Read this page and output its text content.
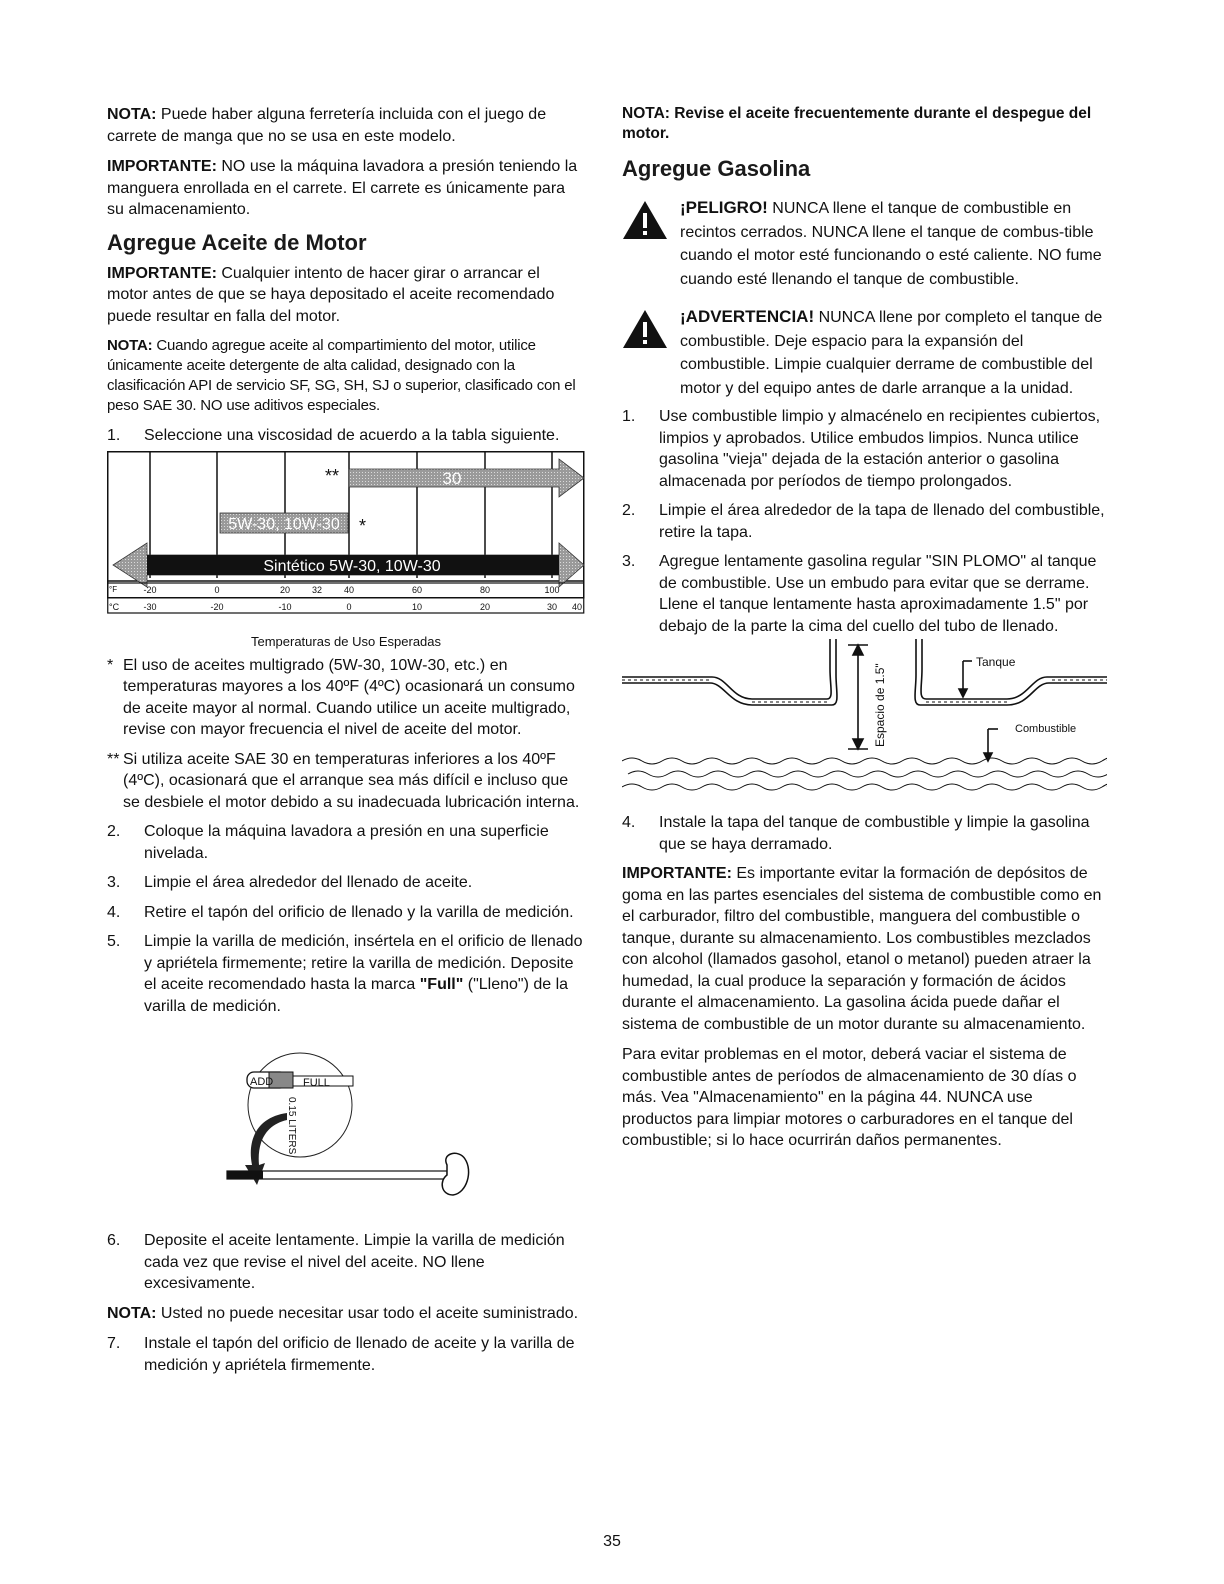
NOTA: Puede haber alguna ferretería incluida con el juego de carrete de manga que no se usa en este modelo.

IMPORTANTE: NO use la máquina lavadora a presión teniendo la manguera enrollada en el carrete. El carrete es únicamente para su almacenamiento.

Agregue Aceite de Motor

IMPORTANTE: Cualquier intento de hacer girar o arrancar el motor antes de que se haya depositado el aceite recomendado puede resultar en falla del motor.

NOTA: Cuando agregue aceite al compartimiento del motor, utilice únicamente aceite detergente de alta calidad, designado con la clasificación API de servicio SF, SG, SH, SJ o superior, clasificado con el peso SAE 30. NO use aditivos especiales.

1. Seleccione una viscosidad de acuerdo a la tabla siguiente.
30
**
5W-30, 10W-30 *
Sintético 5W-30, 10W-30
°F
°C
-20	0	20 32 40	60	80	100
-30	-20	-10	0	10	20	30 40
Temperaturas de Uso Esperadas
* El uso de aceites multigrado (5W-30, 10W-30, etc.) en temperaturas mayores a los 40ºF (4ºC) ocasionará un consumo de aceite mayor al normal. Cuando utilice un aceite multigrado, revise con mayor frecuencia el nivel de aceite del motor.
** Si utiliza aceite SAE 30 en temperaturas inferiores a los 40ºF (4ºC), ocasionará que el arranque sea más difícil e incluso que se desbiele el motor debido a su inadecuada lubricación interna.
2. Coloque la máquina lavadora a presión en una superficie nivelada.
3. Limpie el área alrededor del llenado de aceite.
4. Retire el tapón del orificio de llenado y la varilla de medición.
5. Limpie la varilla de medición, insértela en el orificio de llenado y apriétela firmemente; retire la varilla de medición. Deposite el aceite recomendado hasta la marca "Full" ("Lleno") de la varilla de medición.
ADD	FULL
0.15 LITERS
6. Deposite el aceite lentamente. Limpie la varilla de medición cada vez que revise el nivel del aceite. NO llene excesivamente.

NOTA: Usted no puede necesitar usar todo el aceite suministrado.

7. Instale el tapón del orificio de llenado de aceite y la varilla de medición y apriétela firmemente.

NOTA: Revise el aceite frecuentemente durante el despegue del motor.

Agregue Gasolina
¡PELIGRO! NUNCA llene el tanque de combustible en recintos cerrados. NUNCA llene el tanque de combus-tible cuando el motor esté funcionando o esté caliente. NO fume cuando esté llenando el tanque de combustible.
¡ADVERTENCIA! NUNCA llene por completo el tanque de combustible. Deje espacio para la expansión del combustible. Limpie cualquier derrame de combustible del motor y del equipo antes de darle arranque a la unidad.
1. Use combustible limpio y almacénelo en recipientes cubiertos, limpios y aprobados. Utilice embudos limpios. Nunca utilice gasolina "vieja" dejada de la estación anterior o gasolina almacenada por períodos de tiempo prolongados.
2. Limpie el área alrededor de la tapa de llenado del combustible, retire la tapa.
3. Agregue lentamente gasolina regular "SIN PLOMO" al tanque de combustible. Use un embudo para evitar que se derrame. Llene el tanque lentamente hasta aproximadamente 1.5" por debajo de la parte la cima del cuello del tubo de llenado.
Espacio de 1.5"
Tanque
Combustible
4. Instale la tapa del tanque de combustible y limpie la gasolina que se haya derramado.

IMPORTANTE: Es importante evitar la formación de depósitos de goma en las partes esenciales del sistema de combustible como en el carburador, filtro del combustible, manguera del combustible o tanque, durante su almacenamiento. Los combustibles mezclados con alcohol (llamados gasohol, etanol o metanol) pueden atraer la humedad, la cual produce la separación y formación de ácidos durante el almacenamiento. La gasolina ácida puede dañar el sistema de combustible de un motor durante su almacenamiento.

Para evitar problemas en el motor, deberá vaciar el sistema de combustible antes de períodos de almacenamiento de 30 días o más. Vea "Almacenamiento" en la página 44. NUNCA use productos para limpiar motores o carburadores en el tanque del combustible; si lo hace ocurrirán daños permanentes.

35
